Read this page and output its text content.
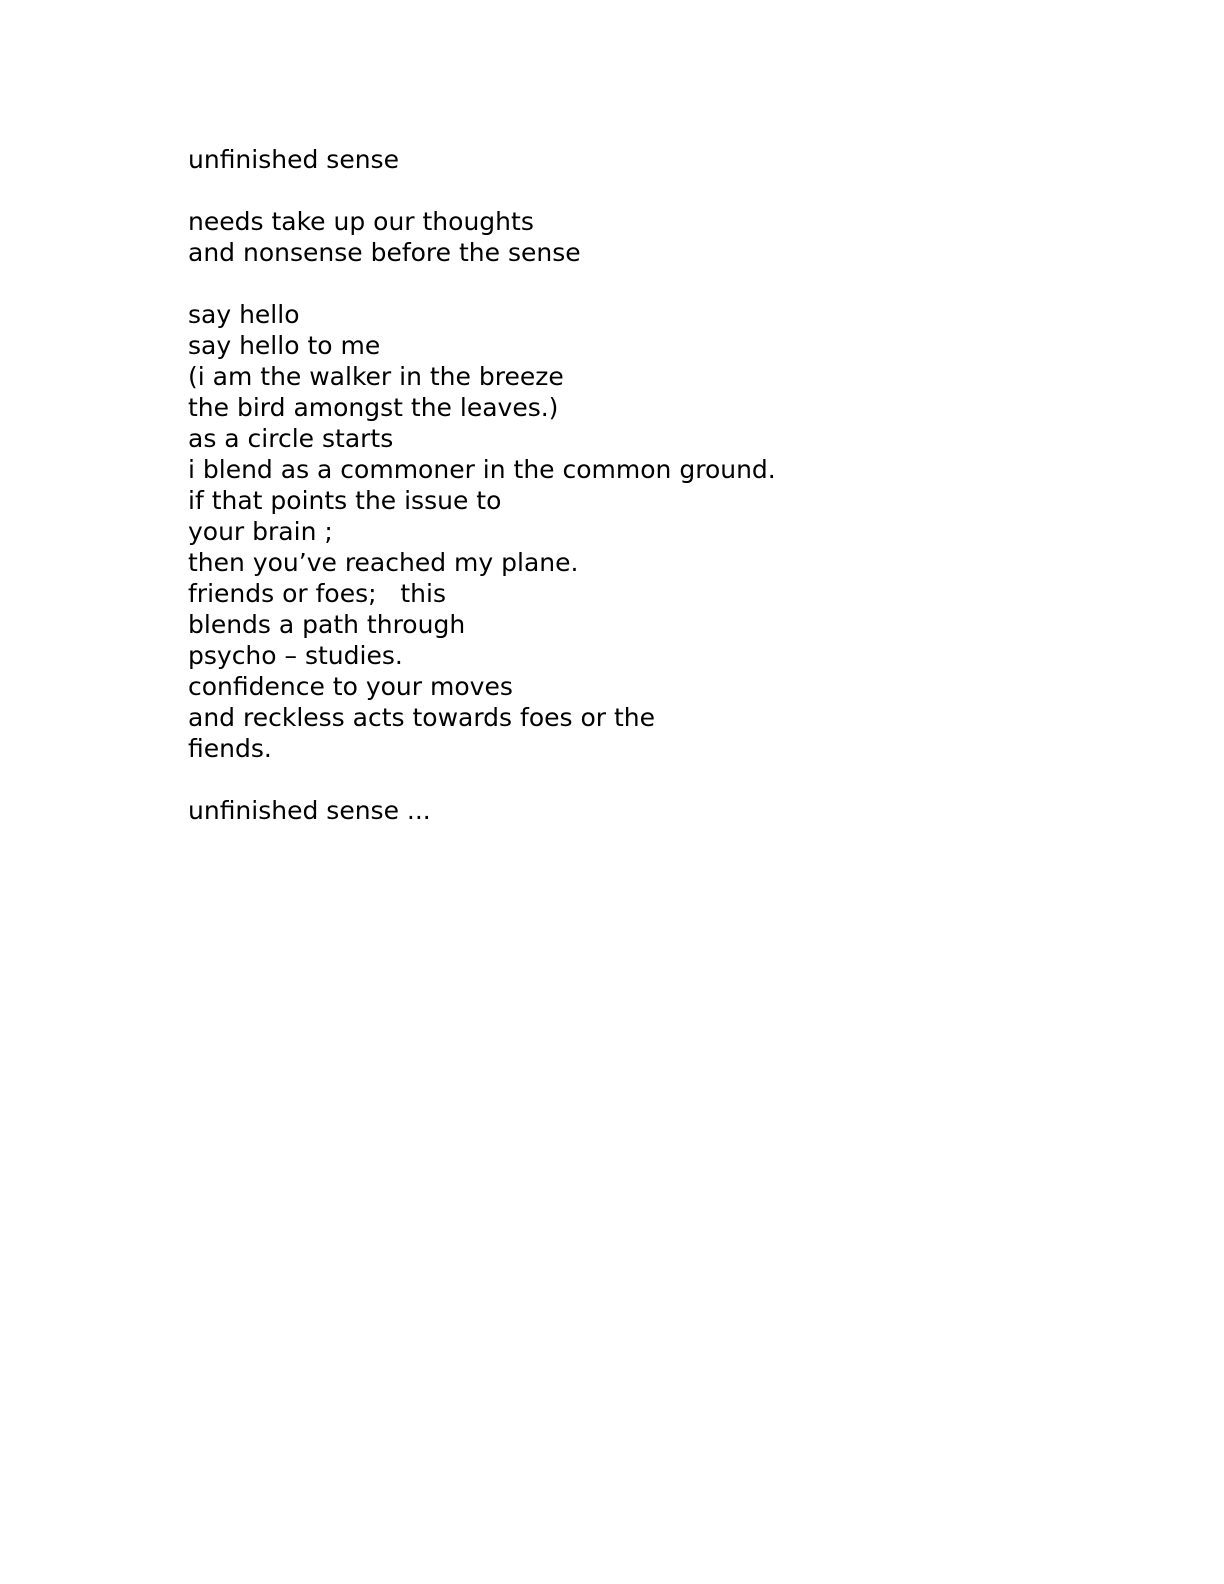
unfinished sense
needs take up our thoughts
and nonsense before the sense
say hello
say hello to me
(i am the walker in the breeze
the bird amongst the leaves.)
as a circle starts
i blend as a commoner in the common ground.
if that points the issue to
your brain ;
then you’ve reached my plane.
friends or foes;   this
blends a path through
psycho – studies.
confidence to your moves
and reckless acts towards foes or the
fiends.
unfinished sense ...
